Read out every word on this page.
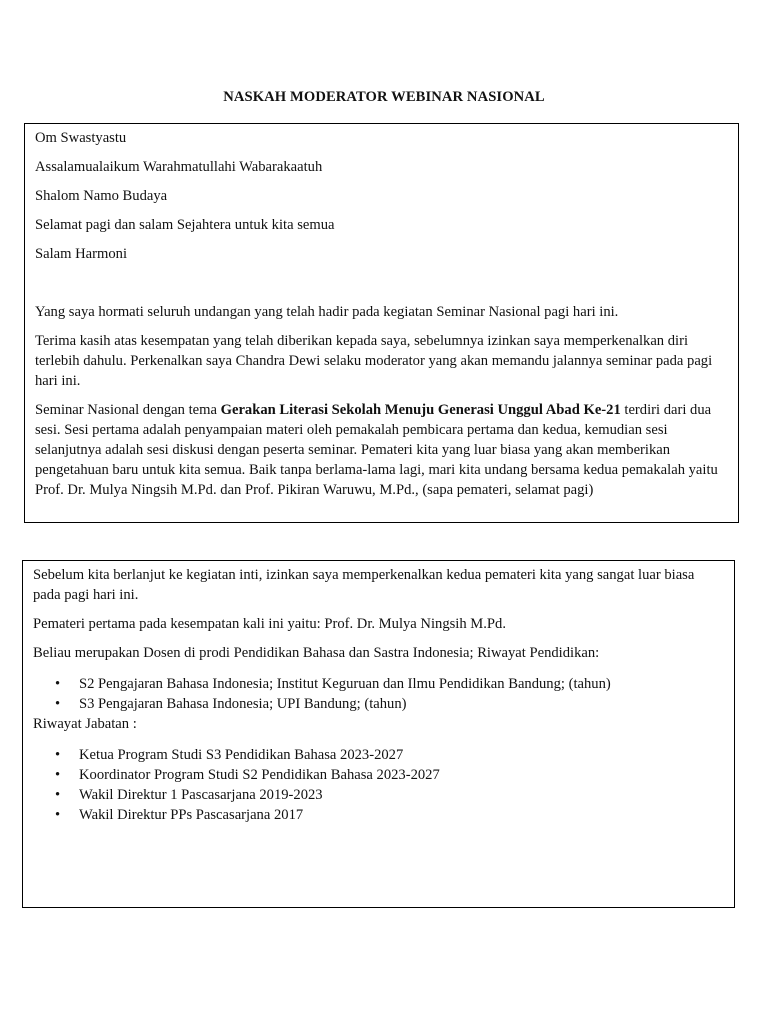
NASKAH MODERATOR WEBINAR NASIONAL

Om Swastyastu

Assalamualaikum Warahmatullahi Wabarakaatuh

Shalom Namo Budaya

Selamat pagi dan salam Sejahtera untuk kita semua

Salam Harmoni

Yang saya hormati seluruh undangan yang telah hadir pada kegiatan Seminar Nasional pagi hari ini.

Terima kasih atas kesempatan yang telah diberikan kepada saya, sebelumnya izinkan saya memperkenalkan diri terlebih dahulu. Perkenalkan saya Chandra Dewi selaku moderator yang akan memandu jalannya seminar pada pagi hari ini.

Seminar Nasional dengan tema Gerakan Literasi Sekolah Menuju Generasi Unggul Abad Ke-21 terdiri dari dua sesi. Sesi pertama adalah penyampaian materi oleh pemakalah pembicara pertama dan kedua, kemudian sesi selanjutnya adalah sesi diskusi dengan peserta seminar. Pemateri kita yang luar biasa yang akan memberikan pengetahuan baru untuk kita semua. Baik tanpa berlama-lama lagi, mari kita undang bersama kedua pemakalah yaitu Prof. Dr. Mulya Ningsih M.Pd. dan Prof. Pikiran Waruwu, M.Pd., (sapa pemateri, selamat pagi)

Sebelum kita berlanjut ke kegiatan inti, izinkan saya memperkenalkan kedua pemateri kita yang sangat luar biasa pada pagi hari ini.

Pemateri pertama pada kesempatan kali ini yaitu: Prof. Dr. Mulya Ningsih M.Pd.

Beliau merupakan Dosen di prodi Pendidikan Bahasa dan Sastra Indonesia; Riwayat Pendidikan:

• S2 Pengajaran Bahasa Indonesia; Institut Keguruan dan Ilmu Pendidikan Bandung; (tahun)
• S3 Pengajaran Bahasa Indonesia; UPI Bandung; (tahun)

Riwayat Jabatan :

• Ketua Program Studi S3 Pendidikan Bahasa 2023-2027
• Koordinator Program Studi S2 Pendidikan Bahasa 2023-2027
• Wakil Direktur 1 Pascasarjana 2019-2023
• Wakil Direktur PPs Pascasarjana 2017
